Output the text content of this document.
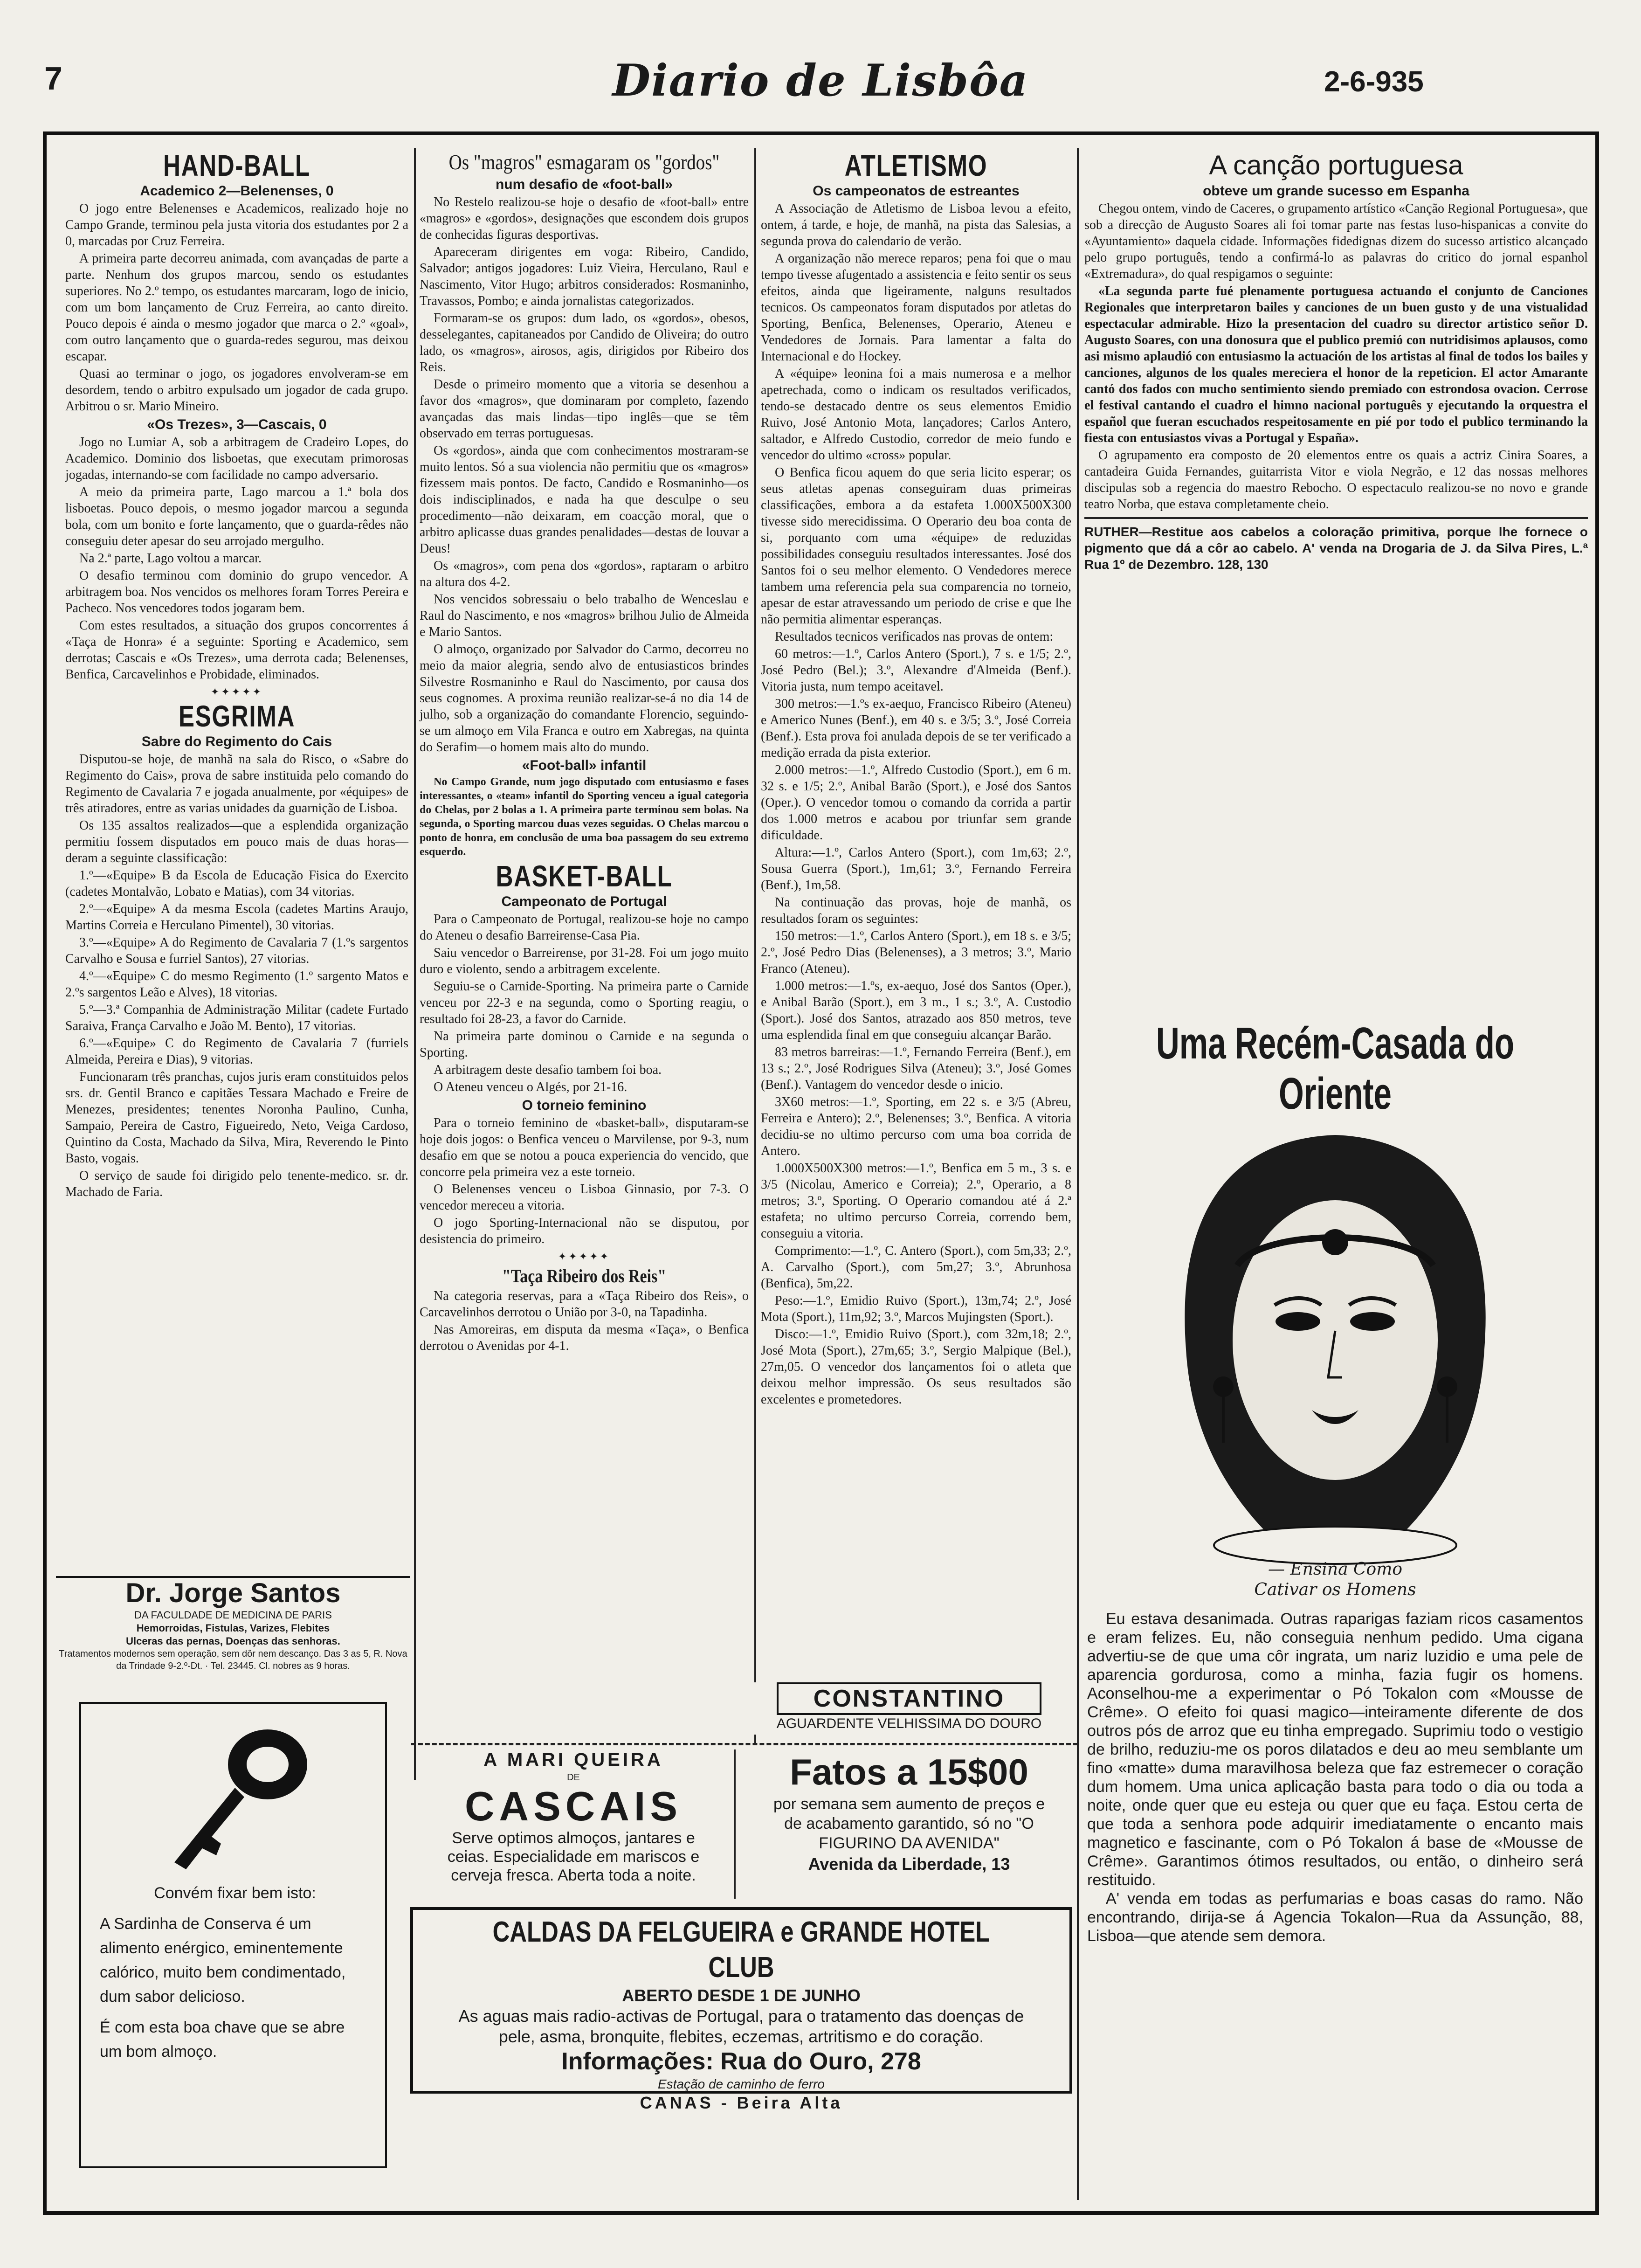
7	Diario de Lisbôa	2-6-935
HAND-BALL
Academico 2—Belenenses, 0

O jogo entre Belenenses e Academicos, realizado hoje no Campo Grande, terminou pela justa vitoria dos estudantes por 2 a 0, marcadas por Cruz Ferreira.

A primeira parte decorreu animada, com avançadas de parte a parte. Nenhum dos grupos marcou, sendo os estudantes superiores. No 2.º tempo, os estudantes marcaram, logo de inicio, com um bom lançamento de Cruz Ferreira, ao canto direito. Pouco depois é ainda o mesmo jogador que marca o 2.º «goal», com outro lançamento que o guarda-redes segurou, mas deixou escapar.

Quasi ao terminar o jogo, os jogadores envolveram-se em desordem, tendo o arbitro expulsado um jogador de cada grupo. Arbitrou o sr. Mario Mineiro.

«Os Trezes», 3—Cascais, 0

Jogo no Lumiar A, sob a arbitragem de Cradeiro Lopes, do Academico. Dominio dos lisboetas, que executam primorosas jogadas, internando-se com facilidade no campo adversario.

A meio da primeira parte, Lago marcou a 1.ª bola dos lisboetas. Pouco depois, o mesmo jogador marcou a segunda bola, com um bonito e forte lançamento, que o guarda-rêdes não conseguiu deter apesar do seu arrojado mergulho.

Na 2.ª parte, Lago voltou a marcar.

O desafio terminou com dominio do grupo vencedor. A arbitragem boa. Nos vencidos os melhores foram Torres Pereira e Pacheco. Nos vencedores todos jogaram bem.

Com estes resultados, a situação dos grupos concorrentes á «Taça de Honra» é a seguinte: Sporting e Academico, sem derrotas; Cascais e «Os Trezes», uma derrota cada; Belenenses, Benfica, Carcavelinhos e Probidade, eliminados.

✦✦✦✦✦
ESGRIMA
Sabre do Regimento do Cais

Disputou-se hoje, de manhã na sala do Risco, o «Sabre do Regimento do Cais», prova de sabre instituida pelo comando do Regimento de Cavalaria 7 e jogada anualmente, por «équipes» de três atiradores, entre as varias unidades da guarnição de Lisboa.

Os 135 assaltos realizados—que a esplendida organização permitiu fossem disputados em pouco mais de duas horas—deram a seguinte classificação:

1.º—«Equipe» B da Escola de Educação Fisica do Exercito (cadetes Montalvão, Lobato e Matias), com 34 vitorias.

2.º—«Equipe» A da mesma Escola (cadetes Martins Araujo, Martins Correia e Herculano Pimentel), 30 vitorias.

3.º—«Equipe» A do Regimento de Cavalaria 7 (1.ºs sargentos Carvalho e Sousa e furriel Santos), 27 vitorias.

4.º—«Equipe» C do mesmo Regimento (1.º sargento Matos e 2.ºs sargentos Leão e Alves), 18 vitorias.

5.º—3.ª Companhia de Administração Militar (cadete Furtado Saraiva, França Carvalho e João M. Bento), 17 vitorias.

6.º—«Equipe» C do Regimento de Cavalaria 7 (furriels Almeida, Pereira e Dias), 9 vitorias.

Funcionaram três pranchas, cujos juris eram constituidos pelos srs. dr. Gentil Branco e capitães Tessara Machado e Freire de Menezes, presidentes; tenentes Noronha Paulino, Cunha, Sampaio, Pereira de Castro, Figueiredo, Neto, Veiga Cardoso, Quintino da Costa, Machado da Silva, Mira, Reverendo le Pinto Basto, vogais.

O serviço de saude foi dirigido pelo tenente-medico. sr. dr. Machado de Faria.

Dr. Jorge Santos
DA FACULDADE DE MEDICINA DE PARIS
Hemorroidas, Fistulas, Varizes, Flebites
Ulceras das pernas, Doenças das senhoras.
Tratamentos modernos sem operação, sem dôr nem descanço. Das 3 as 5, R. Nova da Trindade 9-2.º-Dt. · Tel. 23445. Cl. nobres as 9 horas.
Convém fixar bem isto:
A Sardinha de Conserva é um alimento enérgico, eminentemente calórico, muito bem condimentado, dum sabor delicioso.
É com esta boa chave que se abre um bom almoço.
Os "magros" esmagaram os "gordos"
num desafio de «foot-ball»

No Restelo realizou-se hoje o desafio de «foot-ball» entre «magros» e «gordos», designações que escondem dois grupos de conhecidas figuras desportivas.

Apareceram dirigentes em voga: Ribeiro, Candido, Salvador; antigos jogadores: Luiz Vieira, Herculano, Raul e Nascimento, Vitor Hugo; arbitros considerados: Rosmaninho, Travassos, Pombo; e ainda jornalistas categorizados.

Formaram-se os grupos: dum lado, os «gordos», obesos, desselegantes, capitaneados por Candido de Oliveira; do outro lado, os «magros», airosos, agis, dirigidos por Ribeiro dos Reis.

Desde o primeiro momento que a vitoria se desenhou a favor dos «magros», que dominaram por completo, fazendo avançadas das mais lindas—tipo inglês—que se têm observado em terras portuguesas.

Os «gordos», ainda que com conhecimentos mostraram-se muito lentos. Só a sua violencia não permitiu que os «magros» fizessem mais pontos. De facto, Candido e Rosmaninho—os dois indisciplinados, e nada ha que desculpe o seu procedimento—não deixaram, em coacção moral, que o arbitro aplicasse duas grandes penalidades—destas de louvar a Deus!

Os «magros», com pena dos «gordos», raptaram o arbitro na altura dos 4-2.

Nos vencidos sobressaiu o belo trabalho de Wenceslau e Raul do Nascimento, e nos «magros» brilhou Julio de Almeida e Mario Santos.

O almoço, organizado por Salvador do Carmo, decorreu no meio da maior alegria, sendo alvo de entusiasticos brindes Silvestre Rosmaninho e Raul do Nascimento, por causa dos seus cognomes. A proxima reunião realizar-se-á no dia 14 de julho, sob a organização do comandante Florencio, seguindo-se um almoço em Vila Franca e outro em Xabregas, na quinta do Serafim—o homem mais alto do mundo.

«Foot-ball» infantil

No Campo Grande, num jogo disputado com entusiasmo e fases interessantes, o «team» infantil do Sporting venceu a igual categoria do Chelas, por 2 bolas a 1. A primeira parte terminou sem bolas. Na segunda, o Sporting marcou duas vezes seguidas. O Chelas marcou o ponto de honra, em conclusão de uma boa passagem do seu extremo esquerdo.

BASKET-BALL
Campeonato de Portugal

Para o Campeonato de Portugal, realizou-se hoje no campo do Ateneu o desafio Barreirense-Casa Pia.

Saiu vencedor o Barreirense, por 31-28. Foi um jogo muito duro e violento, sendo a arbitragem excelente.

Seguiu-se o Carnide-Sporting. Na primeira parte o Carnide venceu por 22-3 e na segunda, como o Sporting reagiu, o resultado foi 28-23, a favor do Carnide.

Na primeira parte dominou o Carnide e na segunda o Sporting.

A arbitragem deste desafio tambem foi boa.

O Ateneu venceu o Algés, por 21-16.

O torneio feminino

Para o torneio feminino de «basket-ball», disputaram-se hoje dois jogos: o Benfica venceu o Marvilense, por 9-3, num desafio em que se notou a pouca experiencia do vencido, que concorre pela primeira vez a este torneio.

O Belenenses venceu o Lisboa Ginnasio, por 7-3. O vencedor mereceu a vitoria.

O jogo Sporting-Internacional não se disputou, por desistencia do primeiro.

✦✦✦✦✦
"Taça Ribeiro dos Reis"

Na categoria reservas, para a «Taça Ribeiro dos Reis», o Carcavelinhos derrotou o União por 3-0, na Tapadinha.

Nas Amoreiras, em disputa da mesma «Taça», o Benfica derrotou o Avenidas por 4-1.

ATLETISMO
Os campeonatos de estreantes

A Associação de Atletismo de Lisboa levou a efeito, ontem, á tarde, e hoje, de manhã, na pista das Salesias, a segunda prova do calendario de verão.

A organização não merece reparos; pena foi que o mau tempo tivesse afugentado a assistencia e feito sentir os seus efeitos, ainda que ligeiramente, nalguns resultados tecnicos. Os campeonatos foram disputados por atletas do Sporting, Benfica, Belenenses, Operario, Ateneu e Vendedores de Jornais. Para lamentar a falta do Internacional e do Hockey.

A «équipe» leonina foi a mais numerosa e a melhor apetrechada, como o indicam os resultados verificados, tendo-se destacado dentre os seus elementos Emidio Ruivo, José Antonio Mota, lançadores; Carlos Antero, saltador, e Alfredo Custodio, corredor de meio fundo e vencedor do ultimo «cross» popular.

O Benfica ficou aquem do que seria licito esperar; os seus atletas apenas conseguiram duas primeiras classificações, embora a da estafeta 1.000X500X300 tivesse sido merecidissima. O Operario deu boa conta de si, porquanto com uma «équipe» de reduzidas possibilidades conseguiu resultados interessantes. José dos Santos foi o seu melhor elemento. O Vendedores merece tambem uma referencia pela sua comparencia no torneio, apesar de estar atravessando um periodo de crise e que lhe não permitia alimentar esperanças.

Resultados tecnicos verificados nas provas de ontem:

60 metros:—1.º, Carlos Antero (Sport.), 7 s. e 1/5; 2.º, José Pedro (Bel.); 3.º, Alexandre d'Almeida (Benf.). Vitoria justa, num tempo aceitavel.

300 metros:—1.ºs ex-aequo, Francisco Ribeiro (Ateneu) e Americo Nunes (Benf.), em 40 s. e 3/5; 3.º, José Correia (Benf.). Esta prova foi anulada depois de se ter verificado a medição errada da pista exterior.

2.000 metros:—1.º, Alfredo Custodio (Sport.), em 6 m. 32 s. e 1/5; 2.º, Anibal Barão (Sport.), e José dos Santos (Oper.). O vencedor tomou o comando da corrida a partir dos 1.000 metros e acabou por triunfar sem grande dificuldade.

Altura:—1.º, Carlos Antero (Sport.), com 1m,63; 2.º, Sousa Guerra (Sport.), 1m,61; 3.º, Fernando Ferreira (Benf.), 1m,58.

Na continuação das provas, hoje de manhã, os resultados foram os seguintes:

150 metros:—1.º, Carlos Antero (Sport.), em 18 s. e 3/5; 2.º, José Pedro Dias (Belenenses), a 3 metros; 3.º, Mario Franco (Ateneu).

1.000 metros:—1.ºs, ex-aequo, José dos Santos (Oper.), e Anibal Barão (Sport.), em 3 m., 1 s.; 3.º, A. Custodio (Sport.). José dos Santos, atrazado aos 850 metros, teve uma esplendida final em que conseguiu alcançar Barão.

83 metros barreiras:—1.º, Fernando Ferreira (Benf.), em 13 s.; 2.º, José Rodrigues Silva (Ateneu); 3.º, José Gomes (Benf.). Vantagem do vencedor desde o inicio.

3X60 metros:—1.º, Sporting, em 22 s. e 3/5 (Abreu, Ferreira e Antero); 2.º, Belenenses; 3.º, Benfica. A vitoria decidiu-se no ultimo percurso com uma boa corrida de Antero.

1.000X500X300 metros:—1.º, Benfica em 5 m., 3 s. e 3/5 (Nicolau, Americo e Correia); 2.º, Operario, a 8 metros; 3.º, Sporting. O Operario comandou até á 2.ª estafeta; no ultimo percurso Correia, correndo bem, conseguiu a vitoria.

Comprimento:—1.º, C. Antero (Sport.), com 5m,33; 2.º, A. Carvalho (Sport.), com 5m,27; 3.º, Abrunhosa (Benfica), 5m,22.

Peso:—1.º, Emidio Ruivo (Sport.), 13m,74; 2.º, José Mota (Sport.), 11m,92; 3.º, Marcos Mujingsten (Sport.).

Disco:—1.º, Emidio Ruivo (Sport.), com 32m,18; 2.º, José Mota (Sport.), 27m,65; 3.º, Sergio Malpique (Bel.), 27m,05. O vencedor dos lançamentos foi o atleta que deixou melhor impressão. Os seus resultados são excelentes e prometedores.

CONSTANTINO
AGUARDENTE VELHISSIMA DO DOURO
A canção portuguesa
obteve um grande sucesso em Espanha

Chegou ontem, vindo de Caceres, o grupamento artístico «Canção Regional Portuguesa», que sob a direcção de Augusto Soares ali foi tomar parte nas festas luso-hispanicas a convite do «Ayuntamiento» daquela cidade. Informações fidedignas dizem do sucesso artistico alcançado pelo grupo português, tendo a confirmá-lo as palavras do critico do jornal espanhol «Extremadura», do qual respigamos o seguinte:

«La segunda parte fué plenamente portuguesa actuando el conjunto de Canciones Regionales que interpretaron bailes y canciones de un buen gusto y de una vistualidad espectacular admirable. Hizo la presentacion del cuadro su director artistico señor D. Augusto Soares, con una donosura que el publico premió con nutridisimos aplausos, como asi mismo aplaudió con entusiasmo la actuación de los artistas al final de todos los bailes y canciones, algunos de los quales mereciera el honor de la repeticion. El actor Amarante cantó dos fados con mucho sentimiento siendo premiado con estrondosa ovacion. Cerrose el festival cantando el cuadro el himno nacional português y ejecutando la orquestra el español que fueran escuchados respeitosamente en pié por todo el publico terminando la fiesta con entusiastos vivas a Portugal y España».

O agrupamento era composto de 20 elementos entre os quais a actriz Cinira Soares, a cantadeira Guida Fernandes, guitarrista Vitor e viola Negrão, e 12 das nossas melhores discipulas sob a regencia do maestro Rebocho. O espectaculo realizou-se no novo e grande teatro Norba, que estava completamente cheio.

RUTHER—Restitue aos cabelos a coloração primitiva, porque lhe fornece o pigmento que dá a côr ao cabelo. A' venda na Drogaria de J. da Silva Pires, L.ª Rua 1º de Dezembro. 128, 130

Uma Recém-Casada do Oriente
— Ensina Como
Cativar os Homens

Eu estava desanimada. Outras raparigas faziam ricos casamentos e eram felizes. Eu, não conseguia nenhum pedido. Uma cigana advertiu-se de que uma côr ingrata, um nariz luzidio e uma pele de aparencia gordurosa, como a minha, fazia fugir os homens. Aconselhou-me a experimentar o Pó Tokalon com «Mousse de Crême». O efeito foi quasi magico—inteiramente diferente de dos outros pós de arroz que eu tinha empregado. Suprimiu todo o vestigio de brilho, reduziu-me os poros dilatados e deu ao meu semblante um fino «matte» duma maravilhosa beleza que faz estremecer o coração dum homem. Uma unica aplicação basta para todo o dia ou toda a noite, onde quer que eu esteja ou quer que eu faça. Estou certa de que toda a senhora pode adquirir imediatamente o encanto mais magnetico e fascinante, com o Pó Tokalon á base de «Mousse de Crême». Garantimos ótimos resultados, ou então, o dinheiro será restituido.

A' venda em todas as perfumarias e boas casas do ramo. Não encontrando, dirija-se á Agencia Tokalon—Rua da Assunção, 88, Lisboa—que atende sem demora.

A MARI QUEIRA
DE
CASCAIS
Serve optimos almoços, jantares e ceias. Especialidade em mariscos e cerveja fresca. Aberta toda a noite.
Fatos a 15$00
por semana sem aumento de preços e de acabamento garantido, só no "O FIGURINO DA AVENIDA"
Avenida da Liberdade, 13
CALDAS DA FELGUEIRA e GRANDE HOTEL CLUB
ABERTO DESDE 1 DE JUNHO
As aguas mais radio-activas de Portugal, para o tratamento das doenças de pele, asma, bronquite, flebites, eczemas, artritismo e do coração.
Informações: Rua do Ouro, 278
Estação de caminho de ferro
CANAS - Beira Alta
